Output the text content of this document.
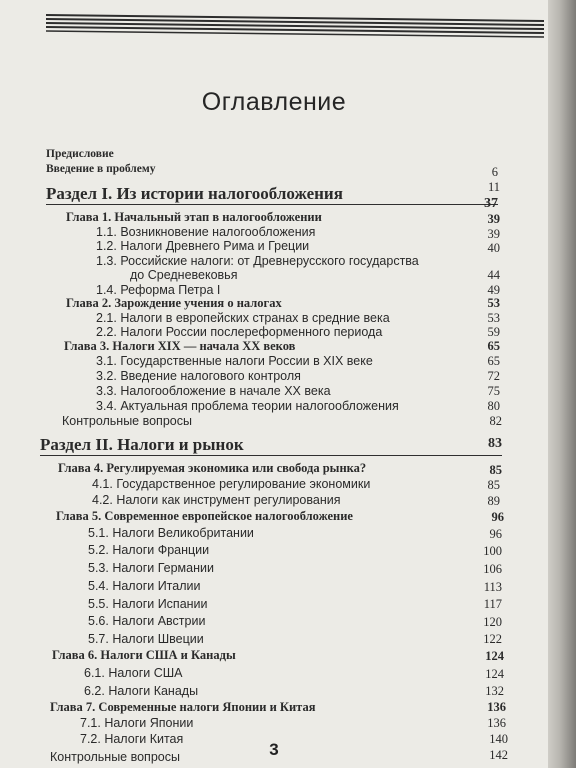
Оглавление
Предисловие
Введение в проблему
Раздел I. Из истории налогообложения
Глава 1. Начальный этап в налогообложении
1.1. Возникновение налогообложения
1.2. Налоги Древнего Рима и Греции
1.3. Российские налоги: от Древнерусского государства
до Средневековья
1.4. Реформа Петра I
Глава 2. Зарождение учения о налогах
2.1. Налоги в европейских странах в средние века
2.2. Налоги России послереформенного периода
Глава 3. Налоги XIX — начала XX веков
3.1. Государственные налоги России в XIX веке
3.2. Введение налогового контроля
3.3. Налогообложение в начале XX века
3.4. Актуальная проблема теории налогообложения
Контрольные вопросы
Раздел II. Налоги и рынок
Глава 4. Регулируемая экономика или свобода рынка?
4.1. Государственное регулирование экономики
4.2. Налоги как инструмент регулирования
Глава 5. Современное европейское налогообложение
5.1. Налоги Великобритании
5.2. Налоги Франции
5.3. Налоги Германии
5.4. Налоги Италии
5.5. Налоги Испании
5.6. Налоги Австрии
5.7. Налоги Швеции
Глава 6. Налоги США и Канады
6.1. Налоги США
6.2. Налоги Канады
Глава 7. Современные налоги Японии и Китая
7.1. Налоги Японии
7.2. Налоги Китая
Контрольные вопросы
6
11
37
39
39
40
44
49
53
53
59
65
65
72
75
80
82
83
85
85
89
96
96
100
106
113
117
120
122
124
124
132
136
136
140
142
3
